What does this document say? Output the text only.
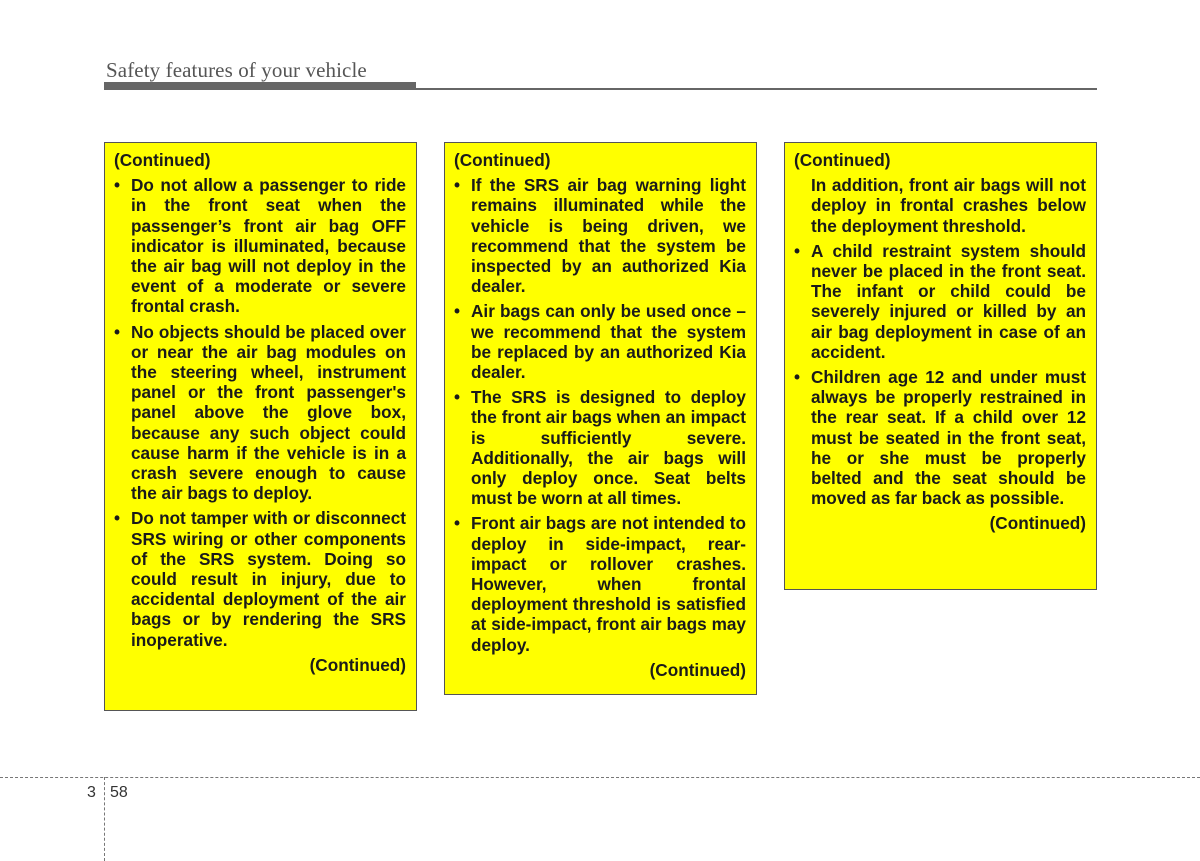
Safety features of your vehicle

(Continued)

• Do not allow a passenger to ride in the front seat when the passenger’s front air bag OFF indicator is illuminated, because the air bag will not deploy in the event of a moderate or severe frontal crash.

• No objects should be placed over or near the air bag modules on the steering wheel, instrument panel or the front passenger's panel above the glove box, because any such object could cause harm if the vehicle is in a crash severe enough to cause the air bags to deploy.

• Do not tamper with or disconnect SRS wiring or other components of the SRS system. Doing so could result in injury, due to accidental deployment of the air bags or by rendering the SRS inoperative.

(Continued)

(Continued)

• If the SRS air bag warning light remains illuminated while the vehicle is being driven, we recommend that the system be inspected by an authorized Kia dealer.

• Air bags can only be used once – we recommend that the system be replaced by an authorized Kia dealer.

• The SRS is designed to deploy the front air bags when an impact is sufficiently severe. Additionally, the air bags will only deploy once. Seat belts must be worn at all times.

• Front air bags are not intended to deploy in side-impact, rear-impact or rollover crashes. However, when frontal deployment threshold is satisfied at side-impact, front air bags may deploy.

(Continued)

(Continued)

In addition, front air bags will not deploy in frontal crashes below the deployment threshold.

• A child restraint system should never be placed in the front seat. The infant or child could be severely injured or killed by an air bag deployment in case of an accident.

• Children age 12 and under must always be properly restrained in the rear seat. If a child over 12 must be seated in the front seat, he or she must be properly belted and the seat should be moved as far back as possible.

(Continued)

3 58
